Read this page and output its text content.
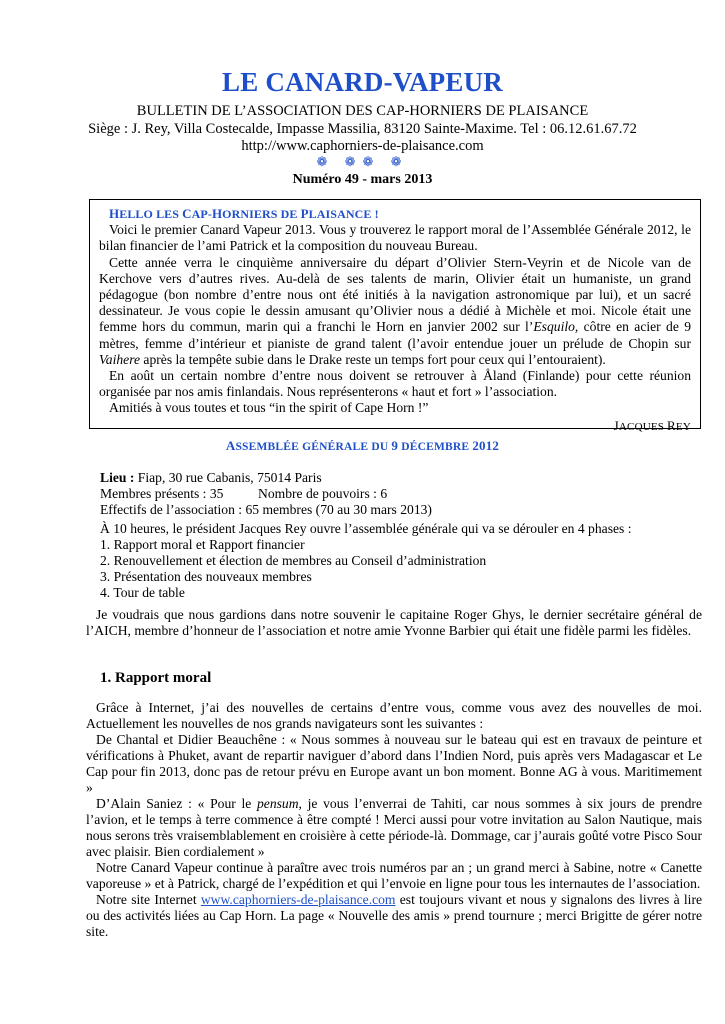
LE CANARD-VAPEUR
BULLETIN DE L’ASSOCIATION DES CAP-HORNIERS DE PLAISANCE
Siège : J. Rey, Villa Costecalde, Impasse Massilia, 83120 Sainte-Maxime. Tel : 06.12.61.67.72
http://www.caphorniers-de-plaisance.com
❁ ❁❁ ❁
Numéro 49 - mars 2013
HELLO LES CAP-HORNIERS DE PLAISANCE !

Voici le premier Canard Vapeur 2013. Vous y trouverez le rapport moral de l’Assemblée Générale 2012, le bilan financier de l’ami Patrick et la composition du nouveau Bureau.

Cette année verra le cinquième anniversaire du départ d’Olivier Stern-Veyrin et de Nicole van de Kerchove vers d’autres rives. Au-delà de ses talents de marin, Olivier était un humaniste, un grand pédagogue (bon nombre d’entre nous ont été initiés à la navigation astronomique par lui), et un sacré dessinateur. Je vous copie le dessin amusant qu’Olivier nous a dédié à Michèle et moi. Nicole était une femme hors du commun, marin qui a franchi le Horn en janvier 2002 sur l’Esquilo, côtre en acier de 9 mètres, femme d’intérieur et pianiste de grand talent (l’avoir entendue jouer un prélude de Chopin sur Vaihere après la tempête subie dans le Drake reste un temps fort pour ceux qui l’entouraient).

En août un certain nombre d’entre nous doivent se retrouver à Åland (Finlande) pour cette réunion organisée par nos amis finlandais. Nous représenterons « haut et fort » l’association.

Amitiés à vous toutes et tous “in the spirit of Cape Horn !”

JACQUES REY
ASSEMBLÉE GÉNÉRALE DU 9 DÉCEMBRE 2012

Lieu : Fiap, 30 rue Cabanis, 75014 Paris

Membres présents : 35	Nombre de pouvoirs : 6

Effectifs de l’association : 65 membres (70 au 30 mars 2013)

À 10 heures, le président Jacques Rey ouvre l’assemblée générale qui va se dérouler en 4 phases :

1. Rapport moral et Rapport financier

2. Renouvellement et élection de membres au Conseil d’administration

3. Présentation des nouveaux membres

4. Tour de table

Je voudrais que nous gardions dans notre souvenir le capitaine Roger Ghys, le dernier secrétaire général de l’AICH, membre d’honneur de l’association et notre amie Yvonne Barbier qui était une fidèle parmi les fidèles.

1. Rapport moral

Grâce à Internet, j’ai des nouvelles de certains d’entre vous, comme vous avez des nouvelles de moi. Actuellement les nouvelles de nos grands navigateurs sont les suivantes :

De Chantal et Didier Beauchêne : « Nous sommes à nouveau sur le bateau qui est en travaux de peinture et vérifications à Phuket, avant de repartir naviguer d’abord dans l’Indien Nord, puis après vers Madagascar et Le Cap pour fin 2013, donc pas de retour prévu en Europe avant un bon moment. Bonne AG à vous. Maritimement »

D’Alain Saniez : « Pour le pensum, je vous l’enverrai de Tahiti, car nous sommes à six jours de prendre l’avion, et le temps à terre commence à être compté ! Merci aussi pour votre invitation au Salon Nautique, mais nous serons très vraisemblablement en croisière à cette période-là. Dommage, car j’aurais goûté votre Pisco Sour avec plaisir. Bien cordialement »

Notre Canard Vapeur continue à paraître avec trois numéros par an ; un grand merci à Sabine, notre « Canette vaporeuse » et à Patrick, chargé de l’expédition et qui l’envoie en ligne pour tous les internautes de l’association.

Notre site Internet www.caphorniers-de-plaisance.com est toujours vivant et nous y signalons des livres à lire ou des activités liées au Cap Horn. La page « Nouvelle des amis » prend tournure ; merci Brigitte de gérer notre site.
